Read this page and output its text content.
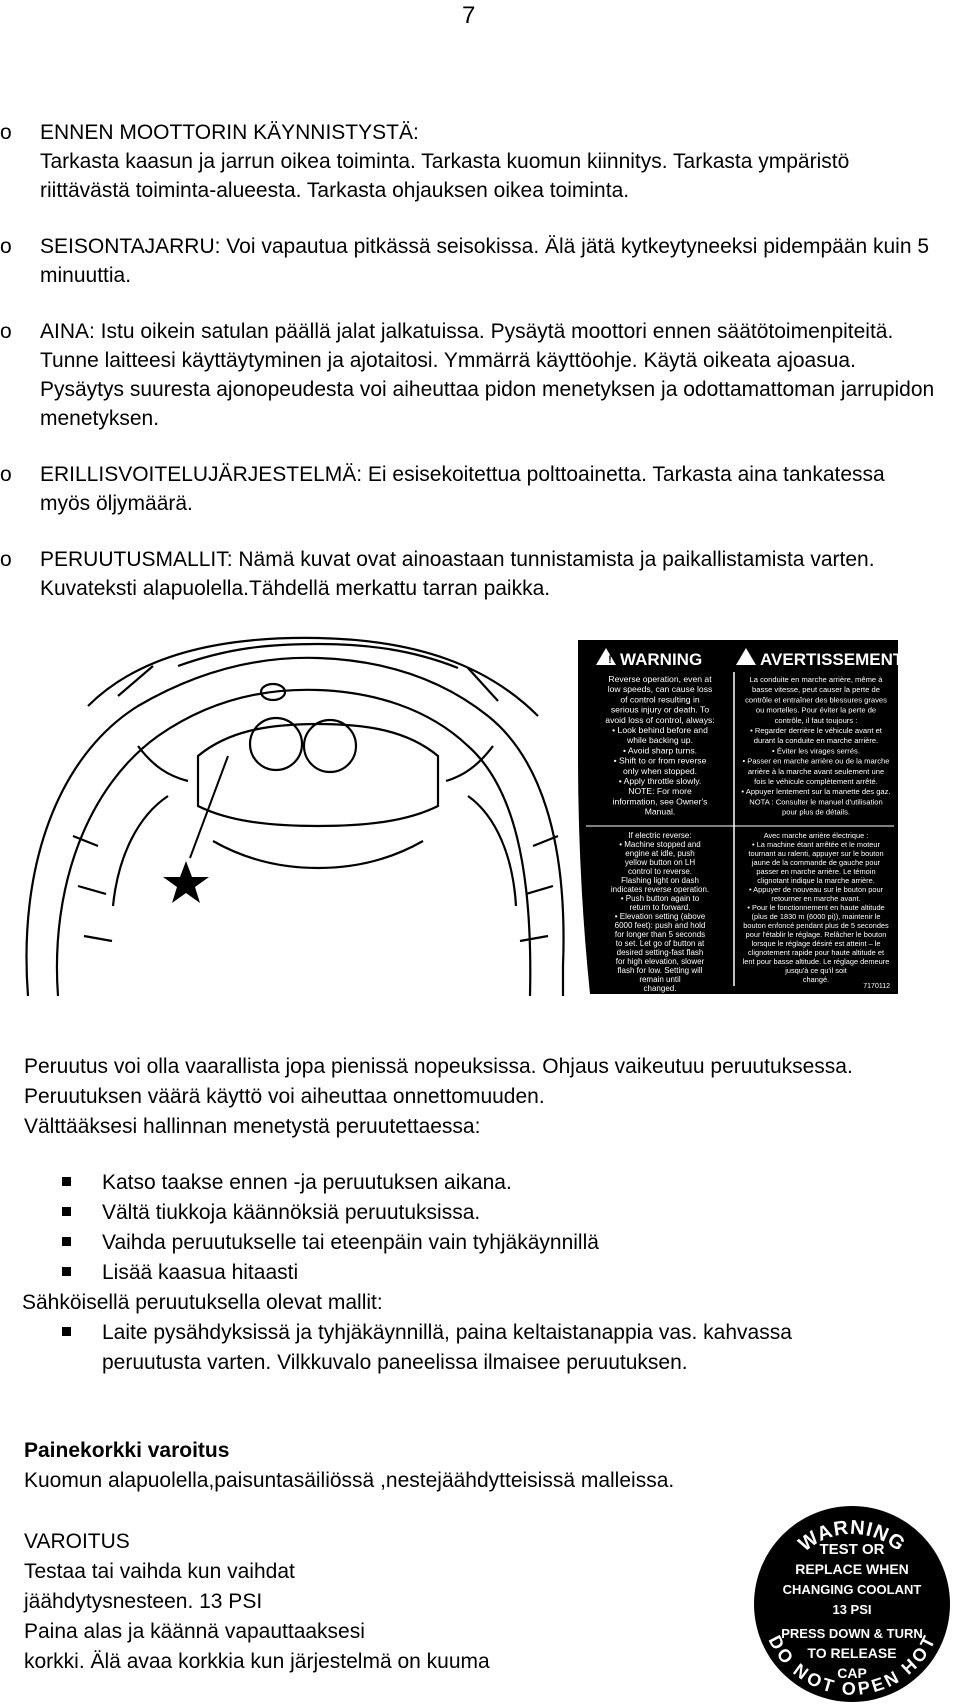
7
o ENNEN MOOTTORIN KÄYNNISTYSTÄ:

Tarkasta kaasun ja jarrun oikea toiminta. Tarkasta kuomun kiinnitys. Tarkasta ympäristö riittävästä toiminta-alueesta. Tarkasta ohjauksen oikea toiminta.

o SEISONTAJARRU: Voi vapautua pitkässä seisokissa. Älä jätä kytkeytyneeksi pidempään kuin 5 minuuttia.

o AINA: Istu oikein satulan päällä jalat jalkatuissa. Pysäytä moottori ennen säätötoimenpiteitä. Tunne laitteesi käyttäytyminen ja ajotaitosi. Ymmärrä käyttöohje. Käytä oikeata ajoasua. Pysäytys suuresta ajonopeudesta voi aiheuttaa pidon menetyksen ja odottamattoman jarrupidon menetyksen.

o ERILLISVOITELUJÄRJESTELMÄ: Ei esisekoitettua polttoainetta. Tarkasta aina tankatessa myös öljymäärä.

o PERUUTUSMALLIT: Nämä kuvat ovat ainoastaan tunnistamista ja paikallistamista varten. Kuvateksti alapuolella.Tähdellä merkattu tarran paikka.

! WARNING	AVERTISSEMENT
Reverse operation, even at
low speeds, can cause loss
of control resulting in
serious injury or death. To
avoid loss of control, always:
• Look behind before and
while backing up.
• Avoid sharp turns.
• Shift to or from reverse
only when stopped.
• Apply throttle slowly.
NOTE: For more
information, see Owner's
Manual.
If electric reverse:
• Machine stopped and
engine at idle, push
yellow button on LH
control to reverse.
Flashing light on dash
indicates reverse operation.
• Push button again to
return to forward.
• Elevation setting (above
6000 feet): push and hold
for longer than 5 seconds
to set. Let go of button at
desired setting-fast flash
for high elevation, slower
flash for low. Setting will
remain until
changed.
La conduite en marche arrière, même à
basse vitesse, peut causer la perte de
contrôle et entraîner des blessures graves
ou mortelles. Pour éviter la perte de
contrôle, il faut toujours :
• Regarder derrière le véhicule avant et
durant la conduite en marche arrière.
• Éviter les virages serrés.
• Passer en marche arrière ou de la marche
arrière à la marche avant seulement une
fois le véhicule complètement arrêté.
• Appuyer lentement sur la manette des gaz.
NOTA : Consulter le manuel d'utilisation
pour plus de détails.
Avec marche arrière électrique :
• La machine étant arrêtée et le moteur
tournant au ralenti, appuyer sur le bouton
jaune de la commande de gauche pour
passer en marche arrière. Le témoin
clignotant indique la marche arrière.
• Appuyer de nouveau sur le bouton pour
retourner en marche avant.
• Pour le fonctionnement en haute altitude
(plus de 1830 m (6000 pi)), maintenir le
bouton enfoncé pendant plus de 5 secondes
pour l'établir le réglage. Relâcher le bouton
lorsque le réglage désiré est atteint – le
clignotement rapide pour haute altitude et
lent pour basse altitude. Le réglage demeure
jusqu'à ce qu'il soit
changé.
7170112

Peruutus voi olla vaarallista jopa pienissä nopeuksissa. Ohjaus vaikeutuu peruutuksessa. Peruutuksen väärä käyttö voi aiheuttaa onnettomuuden.

Välttääksesi hallinnan menetystä peruutettaessa:

Katso taakse ennen -ja peruutuksen aikana.
Vältä tiukkoja käännöksiä peruutuksissa.
Vaihda peruutukselle tai eteenpäin vain tyhjäkäynnillä
Lisää kaasua hitaasti

Sähköisellä peruutuksella olevat mallit:

Laite pysähdyksissä ja tyhjäkäynnillä, paina keltaistanappia vas. kahvassa peruutusta varten. Vilkkuvalo paneelissa ilmaisee peruutuksen.

Painekorkki varoitus

Kuomun alapuolella,paisuntasäiliössä ,nestejäähdytteisissä malleissa.

VAROITUS

Testaa tai vaihda kun vaihdat

jäähdytysnesteen. 13 PSI

Paina alas ja käännä vapauttaaksesi

korkki. Älä avaa korkkia kun järjestelmä on kuuma

WARNING
DO NOT OPEN HOT
TEST OR
REPLACE WHEN
CHANGING COOLANT
13 PSI
PRESS DOWN & TURN
TO RELEASE
CAP
